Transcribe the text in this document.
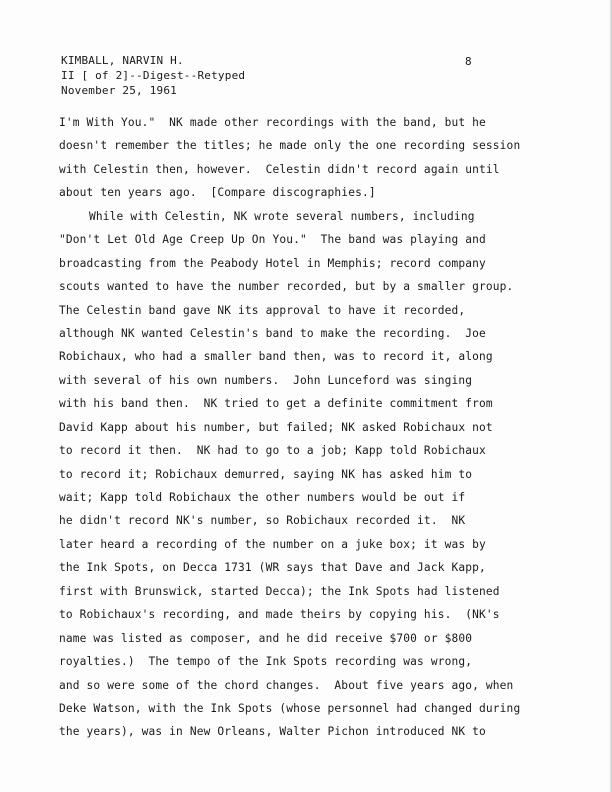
KIMBALL, NARVIN H.
II [ of 2]--Digest--Retyped
November 25, 1961
8
I'm With You."  NK made other recordings with the band, but he
doesn't remember the titles; he made only the one recording session
with Celestin then, however.  Celestin didn't record again until
about ten years ago.  [Compare discographies.]
While with Celestin, NK wrote several numbers, including
"Don't Let Old Age Creep Up On You."  The band was playing and
broadcasting from the Peabody Hotel in Memphis; record company
scouts wanted to have the number recorded, but by a smaller group.
The Celestin band gave NK its approval to have it recorded,
although NK wanted Celestin's band to make the recording.  Joe
Robichaux, who had a smaller band then, was to record it, along
with several of his own numbers.  John Lunceford was singing
with his band then.  NK tried to get a definite commitment from
David Kapp about his number, but failed; NK asked Robichaux not
to record it then.  NK had to go to a job; Kapp told Robichaux
to record it; Robichaux demurred, saying NK has asked him to
wait; Kapp told Robichaux the other numbers would be out if
he didn't record NK's number, so Robichaux recorded it.  NK
later heard a recording of the number on a juke box; it was by
the Ink Spots, on Decca 1731 (WR says that Dave and Jack Kapp,
first with Brunswick, started Decca); the Ink Spots had listened
to Robichaux's recording, and made theirs by copying his.  (NK's
name was listed as composer, and he did receive $700 or $800
royalties.)  The tempo of the Ink Spots recording was wrong,
and so were some of the chord changes.  About five years ago, when
Deke Watson, with the Ink Spots (whose personnel had changed during
the years), was in New Orleans, Walter Pichon introduced NK to
